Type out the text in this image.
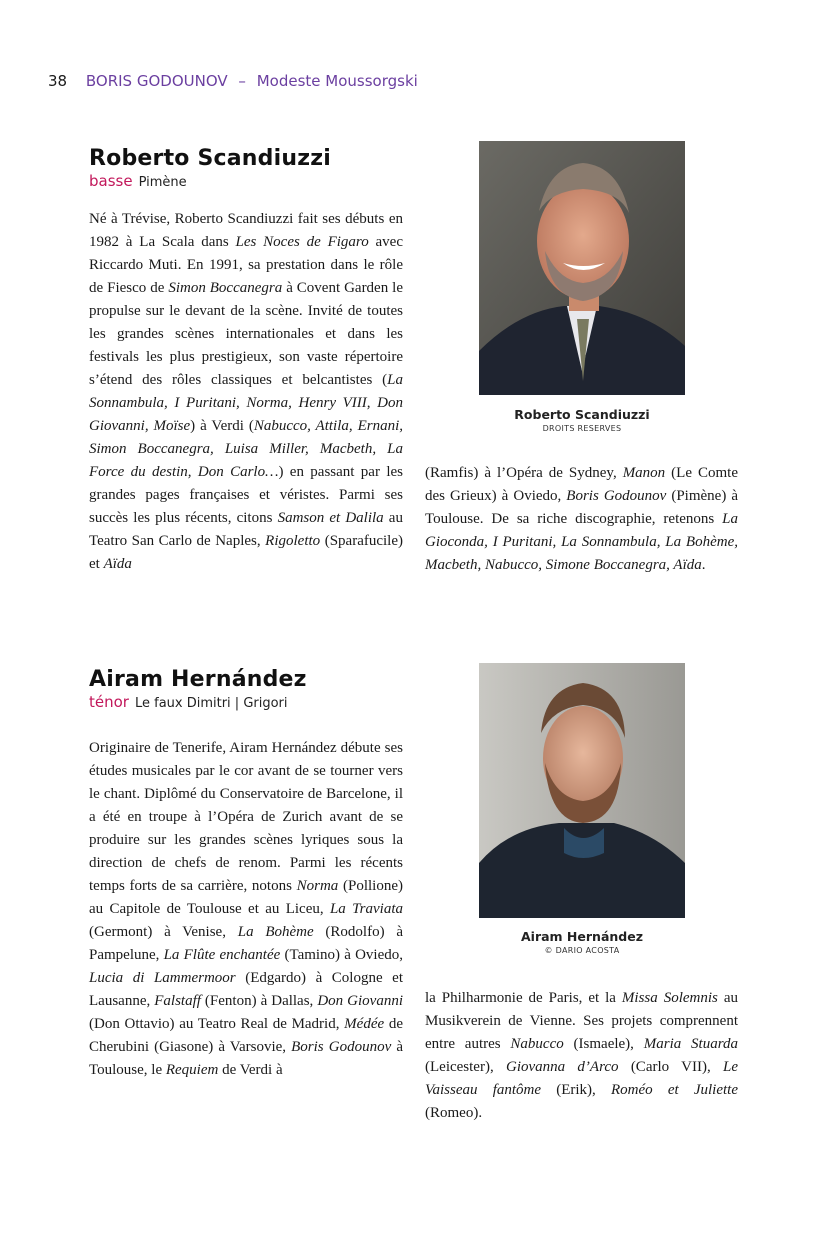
38 BORIS GODOUNOV – Modeste Moussorgski
Roberto Scandiuzzi
basse Pimène
Né à Trévise, Roberto Scandiuzzi fait ses débuts en 1982 à La Scala dans Les Noces de Figaro avec Riccardo Muti. En 1991, sa prestation dans le rôle de Fiesco de Simon Boccanegra à Covent Garden le propulse sur le devant de la scène. Invité de toutes les grandes scènes internationales et dans les festivals les plus prestigieux, son vaste répertoire s’étend des rôles classiques et belcantistes (La Sonnambula, I Puritani, Norma, Henry VIII, Don Giovanni, Moïse) à Verdi (Nabucco, Attila, Ernani, Simon Boccanegra, Luisa Miller, Macbeth, La Force du destin, Don Carlo…) en passant par les grandes pages françaises et véristes. Parmi ses succès les plus récents, citons Samson et Dalila au Teatro San Carlo de Naples, Rigoletto (Sparafucile) et Aïda
Roberto Scandiuzzi
DROITS RESERVES
(Ramfis) à l’Opéra de Sydney, Manon (Le Comte des Grieux) à Oviedo, Boris Godounov (Pimène) à Toulouse. De sa riche discographie, retenons La Gioconda, I Puritani, La Sonnambula, La Bohème, Macbeth, Nabucco, Simone Boccanegra, Aïda.
Airam Hernández
ténor Le faux Dimitri | Grigori
Originaire de Tenerife, Airam Hernández débute ses études musicales par le cor avant de se tourner vers le chant. Diplômé du Conservatoire de Barcelone, il a été en troupe à l’Opéra de Zurich avant de se produire sur les grandes scènes lyriques sous la direction de chefs de renom. Parmi les récents temps forts de sa carrière, notons Norma (Pollione) au Capitole de Toulouse et au Liceu, La Traviata (Germont) à Venise, La Bohème (Rodolfo) à Pampelune, La Flûte enchantée (Tamino) à Oviedo, Lucia di Lammermoor (Edgardo) à Cologne et Lausanne, Falstaff (Fenton) à Dallas, Don Giovanni (Don Ottavio) au Teatro Real de Madrid, Médée de Cherubini (Giasone) à Varsovie, Boris Godounov à Toulouse, le Requiem de Verdi à
Airam Hernández
© DARIO ACOSTA
la Philharmonie de Paris, et la Missa Solemnis au Musikverein de Vienne. Ses projets comprennent entre autres Nabucco (Ismaele), Maria Stuarda (Leicester), Giovanna d’Arco (Carlo VII), Le Vaisseau fantôme (Erik), Roméo et Juliette (Romeo).
